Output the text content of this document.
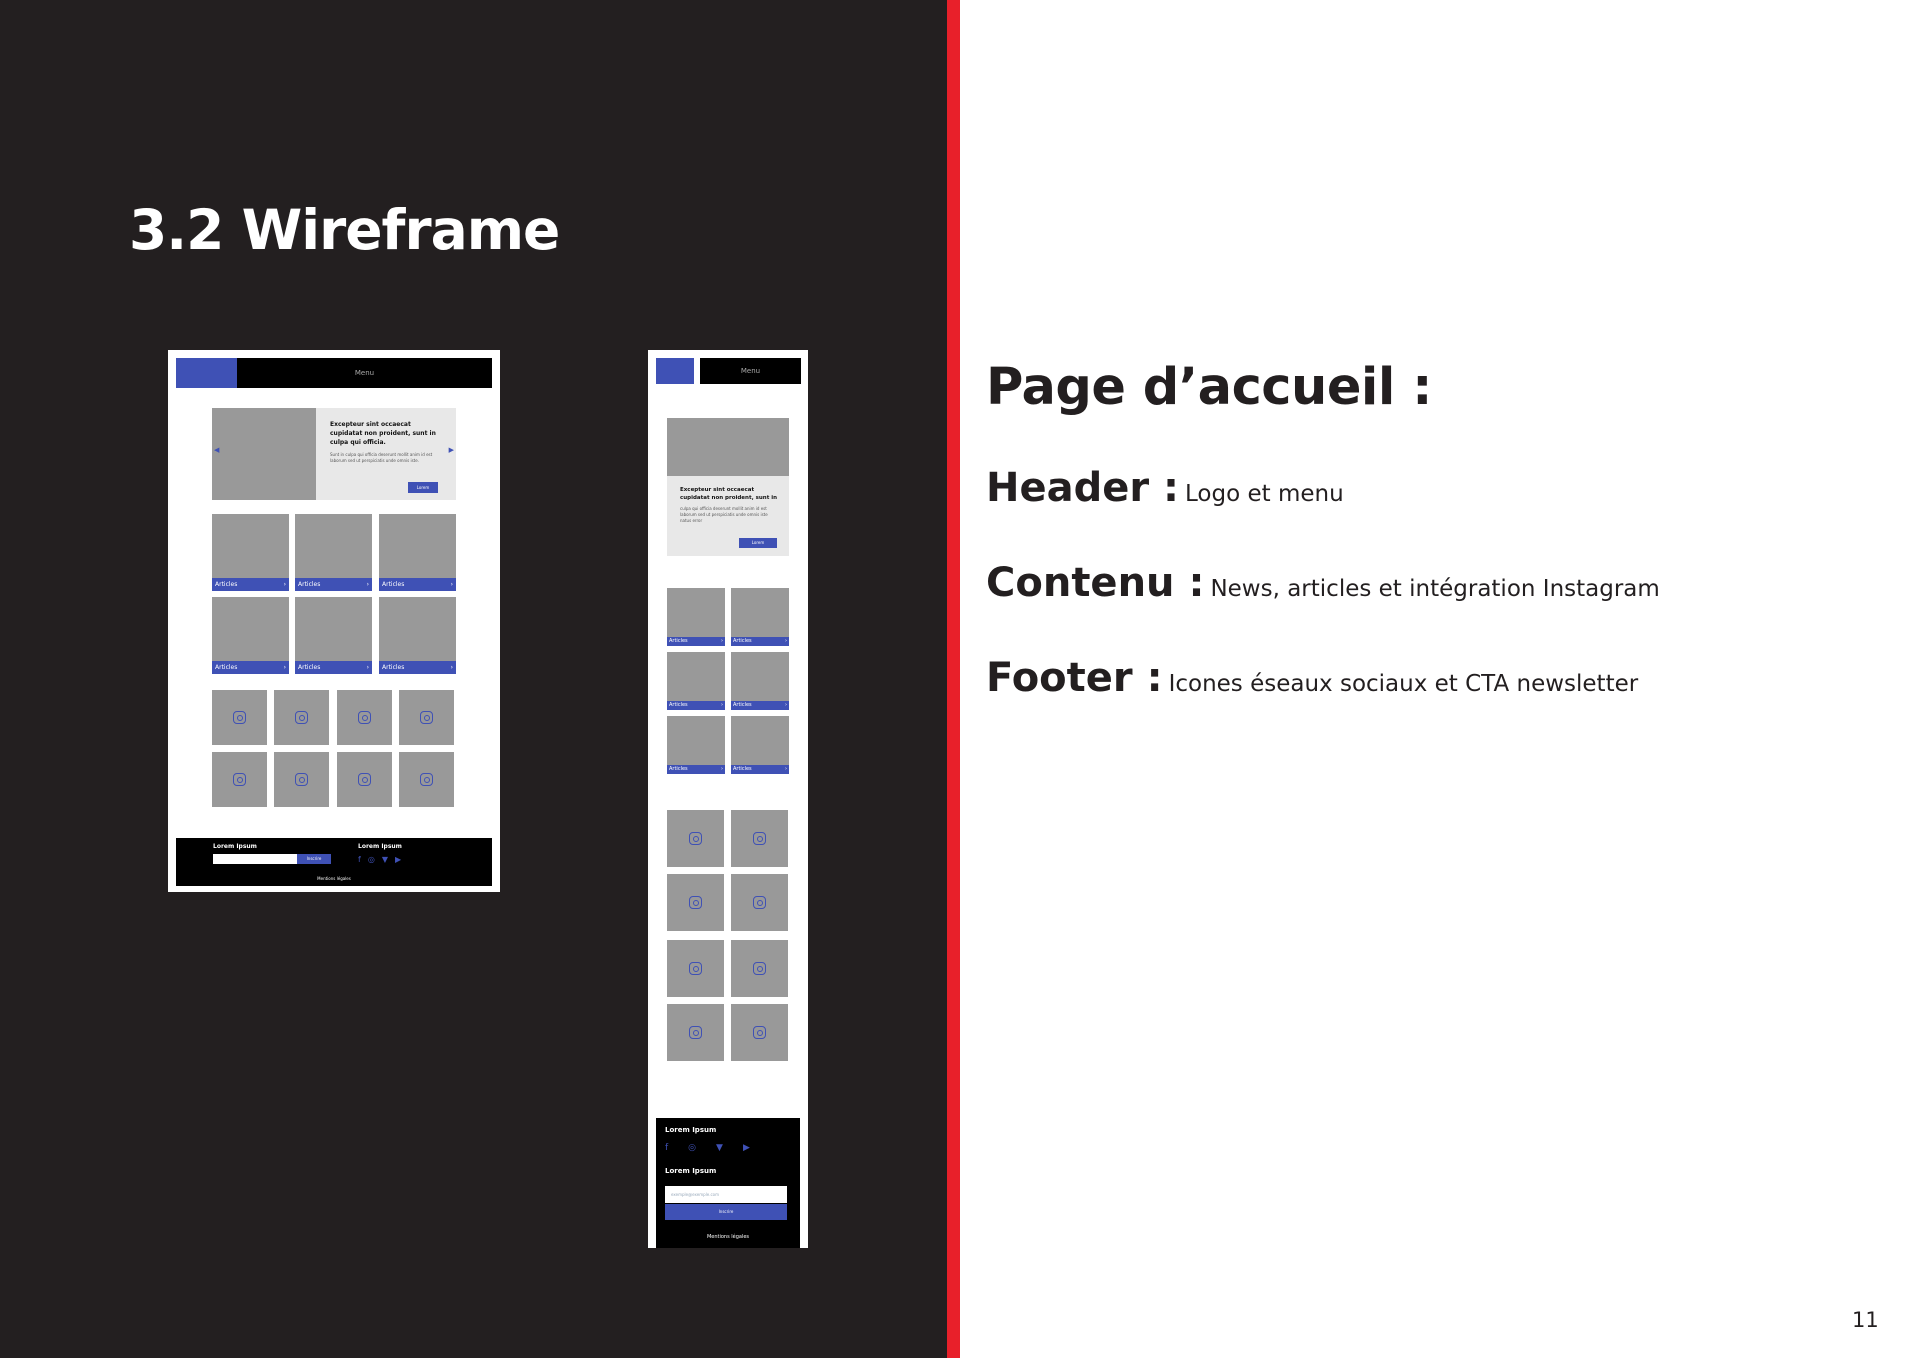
3.2 Wireframe
Menu
◀	▶
Excepteur sint occaecat cupidatat non proident, sunt in culpa qui officia.
Sunt in culpa qui officia deserunt mollit anim id est laborum sed ut perspiciatis unde omnis iste.
Lorem
Articles	›	Articles	›	Articles	›
Articles	›	Articles	›	Articles	›
Lorem Ipsum	Lorem Ipsum
Inscrire	f◎▼▶
Mentions légales
Menu
Excepteur sint occaecat cupidatat non proident, sunt in
culpa qui officia deserunt mollit anim id est laborum sed ut perspiciatis unde omnis iste natus error
Lorem
Articles	›	Articles	›
Articles	›	Articles	›
Articles	›	Articles	›
Lorem Ipsum
f◎▼▶
Lorem Ipsum
exemple@exemple.com
Inscrire
Mentions légales
Page d’accueil :
Header : Logo et menu
Contenu : News, articles et intégration Instagram
Footer : Icones éseaux sociaux et CTA newsletter
11
